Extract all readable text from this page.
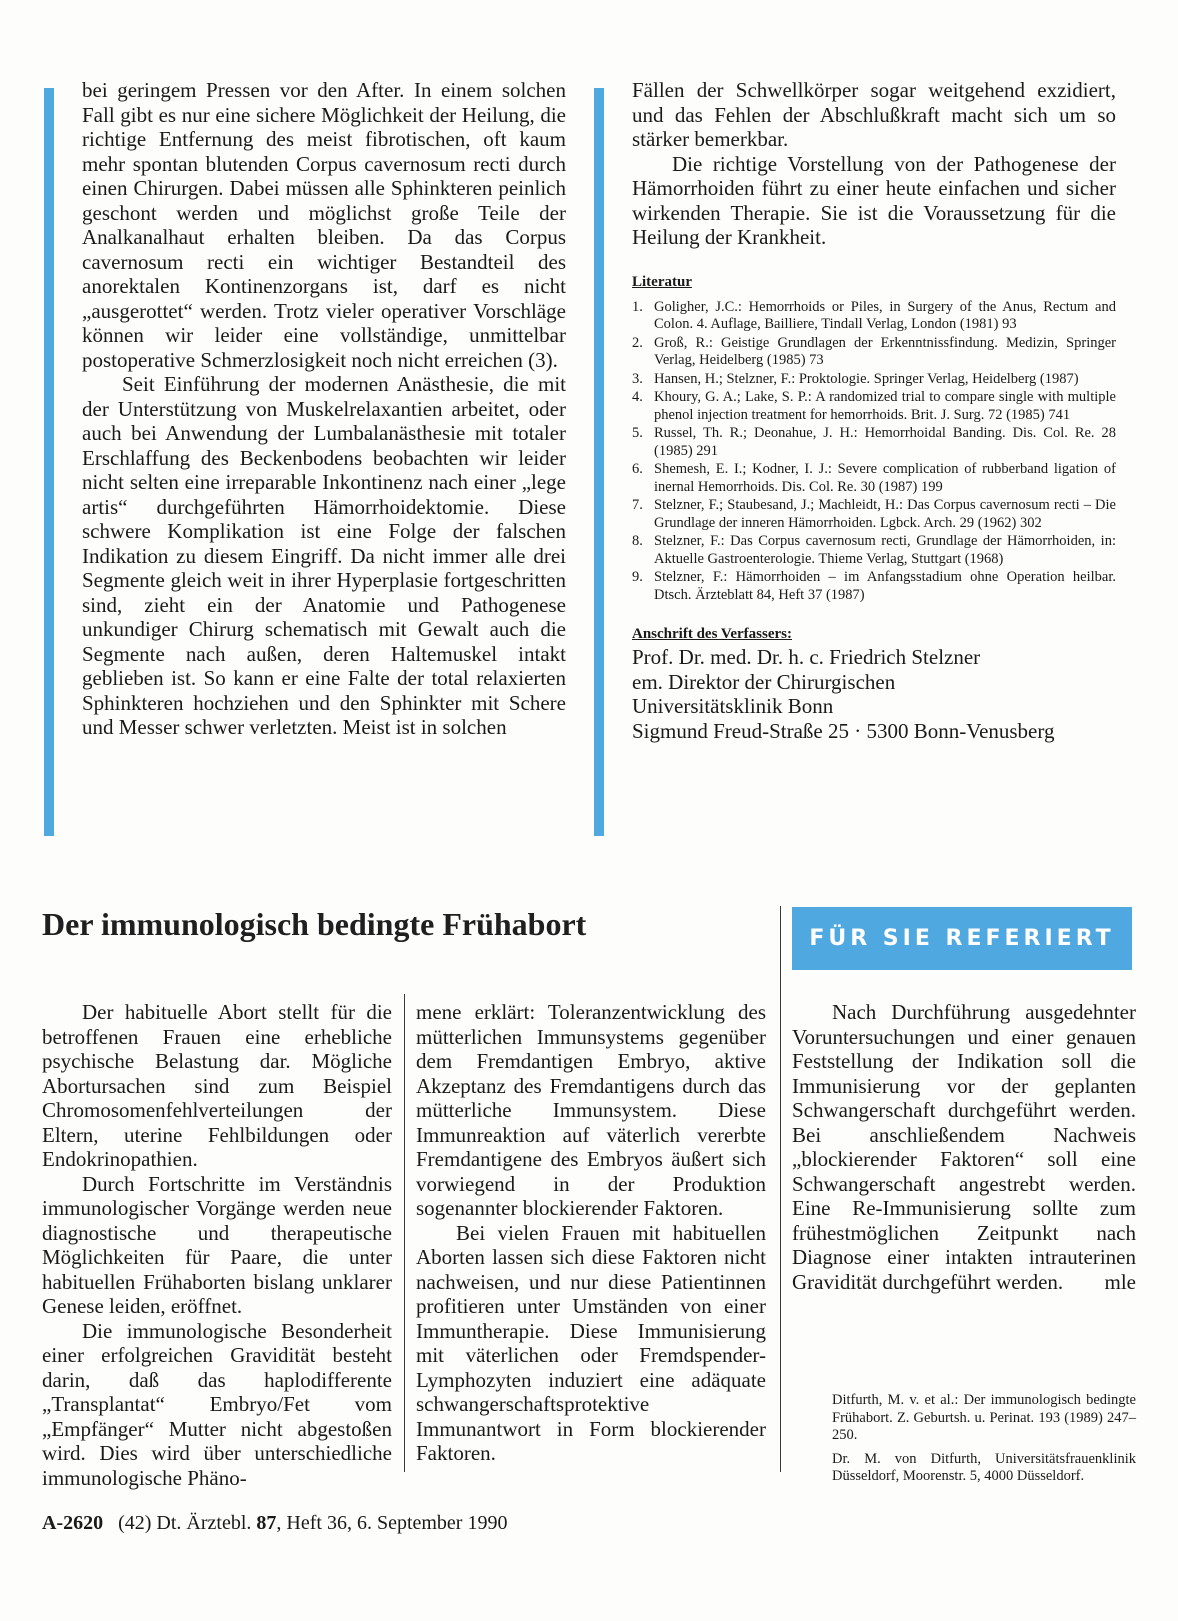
bei geringem Pressen vor den After. In einem solchen Fall gibt es nur eine sichere Möglichkeit der Heilung, die richtige Entfernung des meist fibrotischen, oft kaum mehr spontan blutenden Corpus cavernosum recti durch einen Chirurgen. Dabei müssen alle Sphinkteren peinlich geschont werden und möglichst große Teile der Analkanalhaut erhalten bleiben. Da das Corpus cavernosum recti ein wichtiger Bestandteil des anorektalen Kontinenzorgans ist, darf es nicht „ausgerottet“ werden. Trotz vieler operativer Vorschläge können wir leider eine vollständige, unmittelbar postoperative Schmerzlosigkeit noch nicht erreichen (3).

Seit Einführung der modernen Anästhesie, die mit der Unterstützung von Muskelrelaxantien arbeitet, oder auch bei Anwendung der Lumbalanästhesie mit totaler Erschlaffung des Beckenbodens beobachten wir leider nicht selten eine irreparable Inkontinenz nach einer „lege artis“ durchgeführten Hämorrhoidektomie. Diese schwere Komplikation ist eine Folge der falschen Indikation zu diesem Eingriff. Da nicht immer alle drei Segmente gleich weit in ihrer Hyperplasie fortgeschritten sind, zieht ein der Anatomie und Pathogenese unkundiger Chirurg schematisch mit Gewalt auch die Segmente nach außen, deren Haltemuskel intakt geblieben ist. So kann er eine Falte der total relaxierten Sphinkteren hochziehen und den Sphinkter mit Schere und Messer schwer verletzten. Meist ist in solchen

Fällen der Schwellkörper sogar weitgehend exzidiert, und das Fehlen der Abschlußkraft macht sich um so stärker bemerkbar.

Die richtige Vorstellung von der Pathogenese der Hämorrhoiden führt zu einer heute einfachen und sicher wirkenden Therapie. Sie ist die Voraussetzung für die Heilung der Krankheit.

Literatur
1. Goligher, J.C.: Hemorrhoids or Piles, in Surgery of the Anus, Rectum and Colon. 4. Auflage, Bailliere, Tindall Verlag, London (1981) 93
2. Groß, R.: Geistige Grundlagen der Erkenntnissfindung. Medizin, Springer Verlag, Heidelberg (1985) 73
3. Hansen, H.; Stelzner, F.: Proktologie. Springer Verlag, Heidelberg (1987)
4. Khoury, G. A.; Lake, S. P.: A randomized trial to compare single with multiple phenol injection treatment for hemorrhoids. Brit. J. Surg. 72 (1985) 741
5. Russel, Th. R.; Deonahue, J. H.: Hemorrhoidal Banding. Dis. Col. Re. 28 (1985) 291
6. Shemesh, E. I.; Kodner, I. J.: Severe complication of rubberband ligation of inernal Hemorrhoids. Dis. Col. Re. 30 (1987) 199
7. Stelzner, F.; Staubesand, J.; Machleidt, H.: Das Corpus cavernosum recti – Die Grundlage der inneren Hämorrhoiden. Lgbck. Arch. 29 (1962) 302
8. Stelzner, F.: Das Corpus cavernosum recti, Grundlage der Hämorrhoiden, in: Aktuelle Gastroenterologie. Thieme Verlag, Stuttgart (1968)
9. Stelzner, F.: Hämorrhoiden – im Anfangsstadium ohne Operation heilbar. Dtsch. Ärzteblatt 84, Heft 37 (1987)
Anschrift des Verfassers:
Prof. Dr. med. Dr. h. c. Friedrich Stelzner
em. Direktor der Chirurgischen
Universitätsklinik Bonn
Sigmund Freud-Straße 25 · 5300 Bonn-Venusberg
Der immunologisch bedingte Frühabort	FÜR SIE REFERIERT

Der habituelle Abort stellt für die betroffenen Frauen eine erhebliche psychische Belastung dar. Mögliche Abortursachen sind zum Beispiel Chromosomenfehlverteilungen der Eltern, uterine Fehlbildungen oder Endokrinopathien.

Durch Fortschritte im Verständnis immunologischer Vorgänge werden neue diagnostische und therapeutische Möglichkeiten für Paare, die unter habituellen Frühaborten bislang unklarer Genese leiden, eröffnet.

Die immunologische Besonderheit einer erfolgreichen Gravidität besteht darin, daß das haplodifferente „Transplantat“ Embryo/Fet vom „Empfänger“ Mutter nicht abgestoßen wird. Dies wird über unterschiedliche immunologische Phäno-

mene erklärt: Toleranzentwicklung des mütterlichen Immunsystems gegenüber dem Fremdantigen Embryo, aktive Akzeptanz des Fremdantigens durch das mütterliche Immunsystem. Diese Immunreaktion auf väterlich vererbte Fremdantigene des Embryos äußert sich vorwiegend in der Produktion sogenannter blockierender Faktoren.

Bei vielen Frauen mit habituellen Aborten lassen sich diese Faktoren nicht nachweisen, und nur diese Patientinnen profitieren unter Umständen von einer Immuntherapie. Diese Immunisierung mit väterlichen oder Fremdspender-Lymphozyten induziert eine adäquate schwangerschaftsprotektive Immunantwort in Form blockierender Faktoren.

Nach Durchführung ausgedehnter Voruntersuchungen und einer genauen Feststellung der Indikation soll die Immunisierung vor der geplanten Schwangerschaft durchgeführt werden. Bei anschließendem Nachweis „blockierender Faktoren“ soll eine Schwangerschaft angestrebt werden. Eine Re-Immunisierung sollte zum frühestmöglichen Zeitpunkt nach Diagnose einer intakten intrauterinen Gravidität durchgeführt werden.	mle

Ditfurth, M. v. et al.: Der immunologisch bedingte Frühabort. Z. Geburtsh. u. Perinat. 193 (1989) 247–250.

Dr. M. von Ditfurth, Universitätsfrauenklinik Düsseldorf, Moorenstr. 5, 4000 Düsseldorf.

A-2620 (42) Dt. Ärztebl. 87, Heft 36, 6. September 1990
